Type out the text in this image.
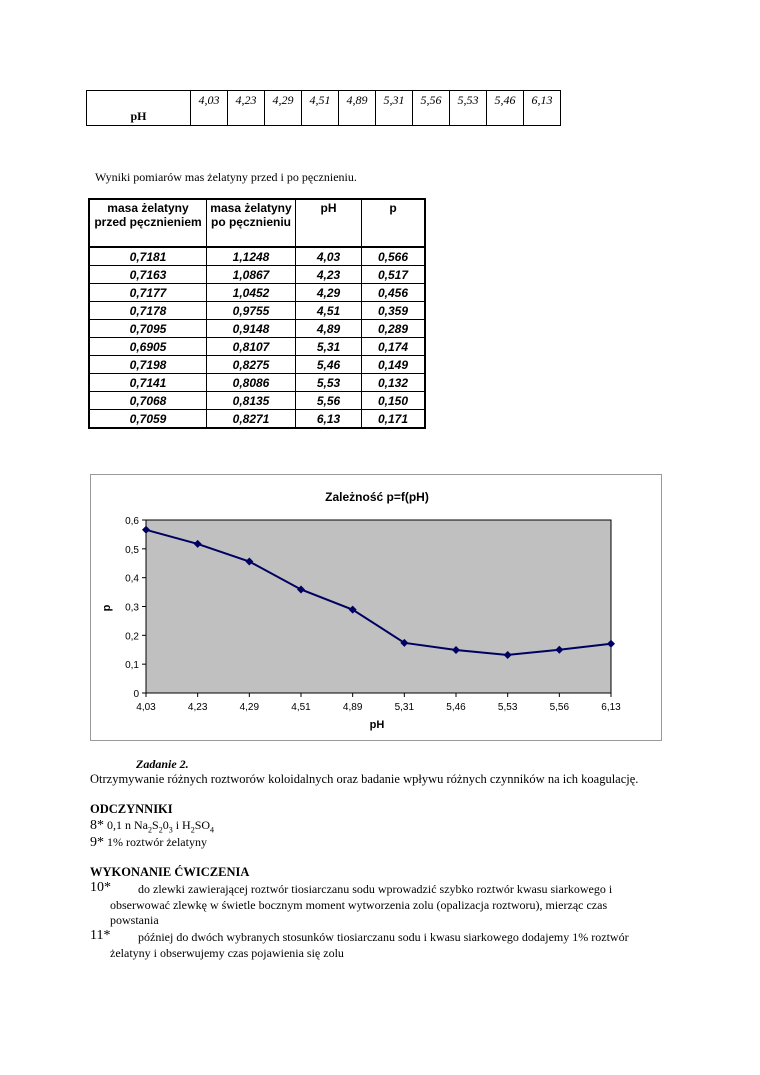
pH	4,03	4,23	4,29	4,51	4,89	5,31	5,56	5,53	5,46	6,13
Wyniki pomiarów mas żelatyny przed i po pęcznieniu.
masa żelatyny przed pęcznieniem	masa żelatyny po pęcznieniu	pH	p
0,7181	1,1248	4,03	0,566
0,7163	1,0867	4,23	0,517
0,7177	1,0452	4,29	0,456
0,7178	0,9755	4,51	0,359
0,7095	0,9148	4,89	0,289
0,6905	0,8107	5,31	0,174
0,7198	0,8275	5,46	0,149
0,7141	0,8086	5,53	0,132
0,7068	0,8135	5,56	0,150
0,7059	0,8271	6,13	0,171
Zależność p=f(pH)
0
0,1
0,2
0,3
0,4
0,5
0,6
4,03	4,23	4,29	4,51	4,89	5,31	5,46	5,53	5,56	6,13
p
pH
Zadanie 2.
Otrzymywanie różnych roztworów koloidalnych oraz badanie wpływu różnych czynników na ich koagulację.
ODCZYNNIKI
8* 0,1 n $Na_2S_20_3$ i $H_2SO_4$
9* 1% roztwór żelatyny
WYKONANIE ĆWICZENIA
10* do zlewki zawierającej roztwór tiosiarczanu sodu wprowadzić szybko roztwór kwasu siarkowego i
obserwować zlewkę w świetle bocznym moment wytworzenia zolu (opalizacja roztworu), mierząc czas
powstania
11* później do dwóch wybranych stosunków tiosiarczanu sodu i kwasu siarkowego dodajemy 1% roztwór
żelatyny i obserwujemy czas pojawienia się zolu
